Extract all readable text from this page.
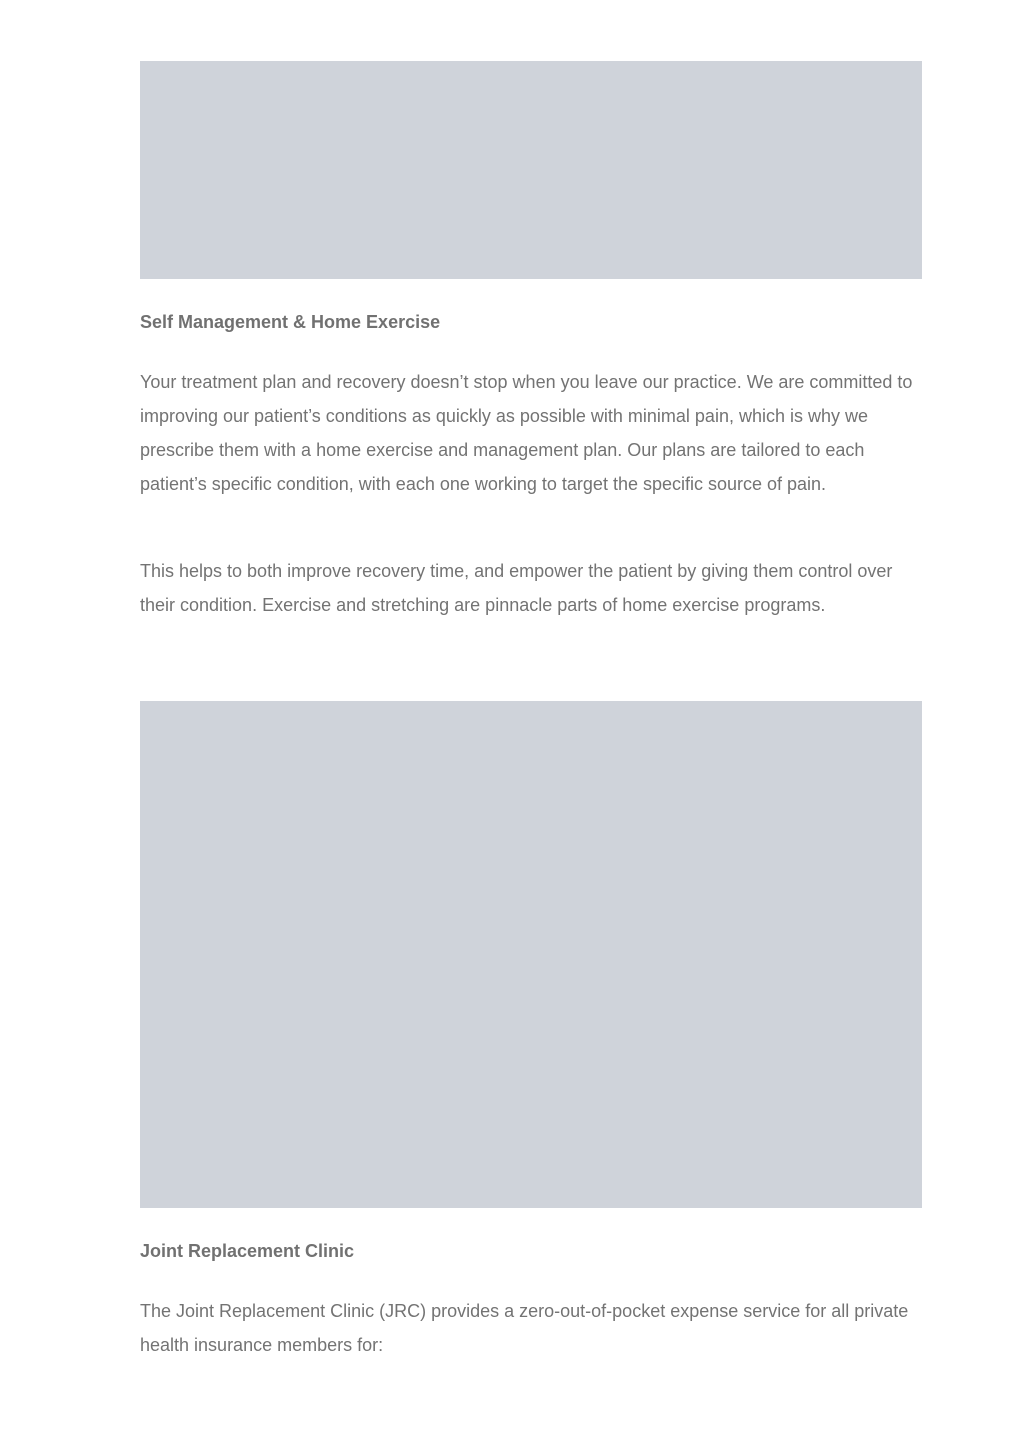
Self Management & Home Exercise

Your treatment plan and recovery doesn’t stop when you leave our practice. We are committed to improving our patient’s conditions as quickly as possible with minimal pain, which is why we prescribe them with a home exercise and management plan. Our plans are tailored to each patient’s specific condition, with each one working to target the specific source of pain.

This helps to both improve recovery time, and empower the patient by giving them control over their condition. Exercise and stretching are pinnacle parts of home exercise programs.

Joint Replacement Clinic

The Joint Replacement Clinic (JRC) provides a zero-out-of-pocket expense service for all private health insurance members for:
